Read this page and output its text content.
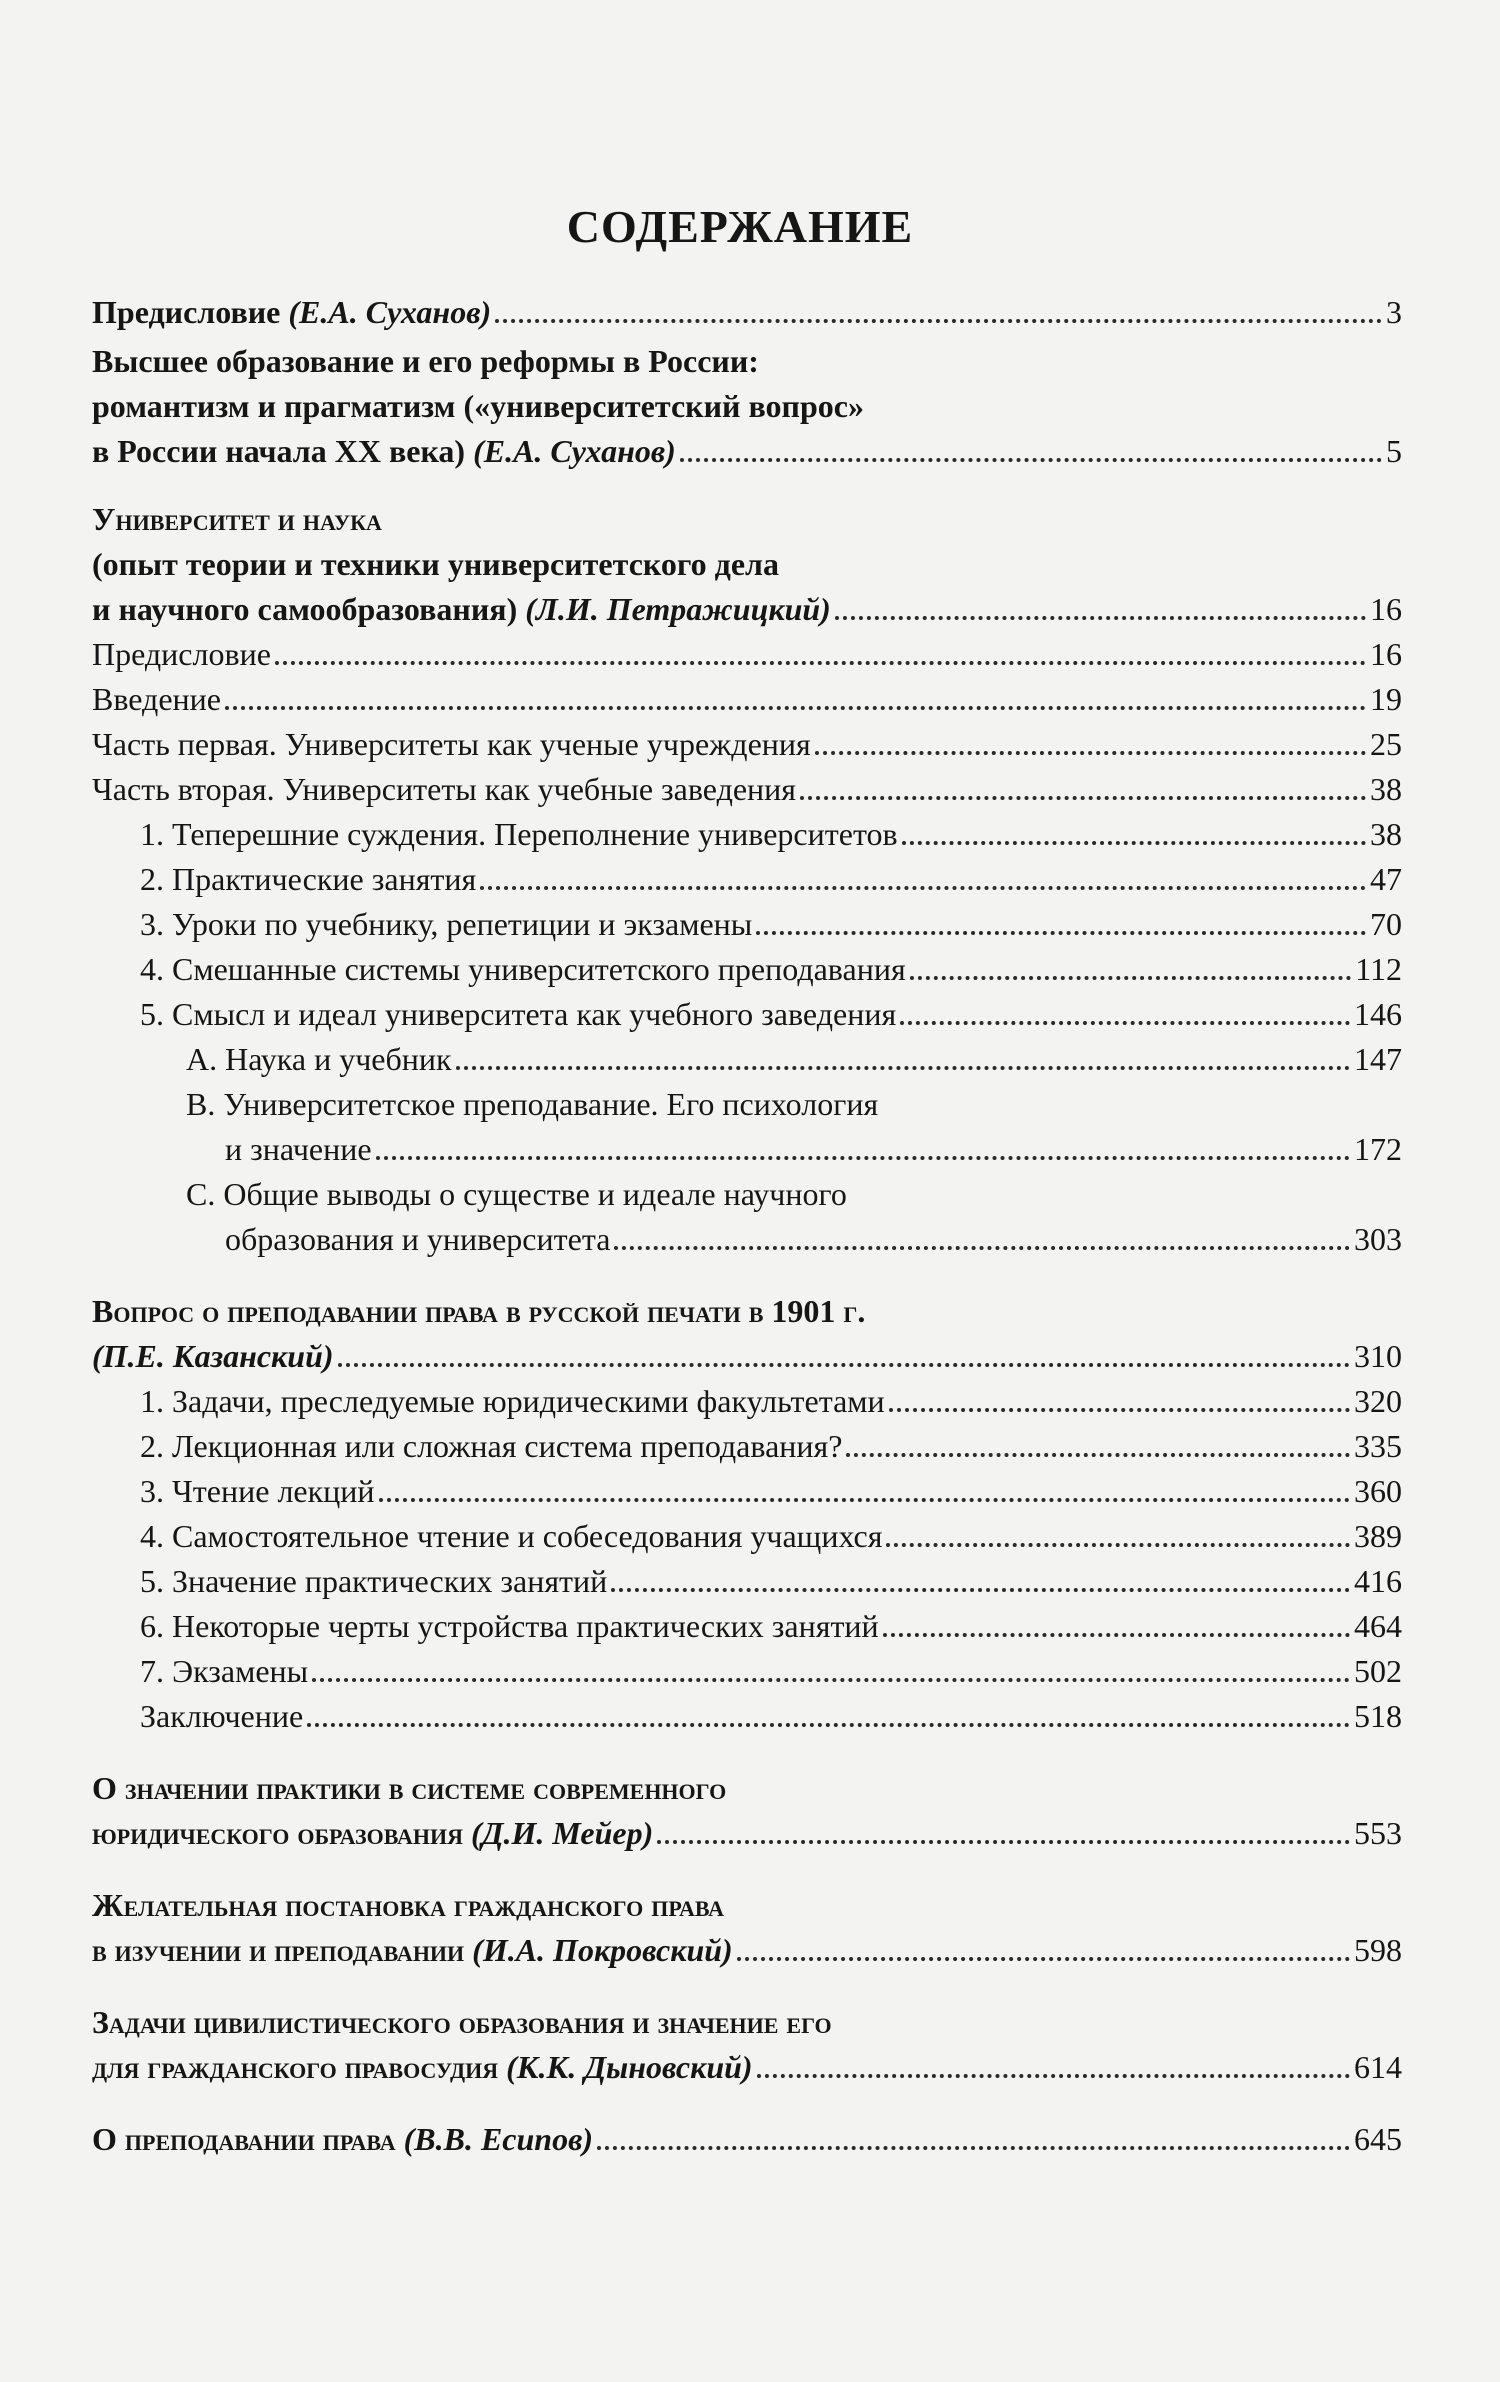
СОДЕРЖАНИЕ
Предисловие (Е.А. Суханов)	3
Высшее образование и его реформы в России:
романтизм и прагматизм («университетский вопрос»
в России начала XX века) (Е.А. Суханов)	5
Университет и наука
(опыт теории и техники университетского дела
и научного самообразования) (Л.И. Петражицкий)	16
Предисловие	16
Введение	19
Часть первая. Университеты как ученые учреждения	25
Часть вторая. Университеты как учебные заведения	38
1. Теперешние суждения. Переполнение университетов	38
2. Практические занятия	47
3. Уроки по учебнику, репетиции и экзамены	70
4. Смешанные системы университетского преподавания	112
5. Смысл и идеал университета как учебного заведения	146
A. Наука и учебник	147
B. Университетское преподавание. Его психология
и значение	172
C. Общие выводы о существе и идеале научного
образования и университета	303
Вопрос о преподавании права в русской печати в 1901 г.
(П.Е. Казанский)	310
1. Задачи, преследуемые юридическими факультетами	320
2. Лекционная или сложная система преподавания?	335
3. Чтение лекций	360
4. Самостоятельное чтение и собеседования учащихся	389
5. Значение практических занятий	416
6. Некоторые черты устройства практических занятий	464
7. Экзамены	502
Заключение	518
О значении практики в системе современного
юридического образования (Д.И. Мейер)	553
Желательная постановка гражданского права
в изучении и преподавании (И.А. Покровский)	598
Задачи цивилистического образования и значение его
для гражданского правосудия (К.К. Дыновский)	614
О преподавании права (В.В. Есипов)	645
